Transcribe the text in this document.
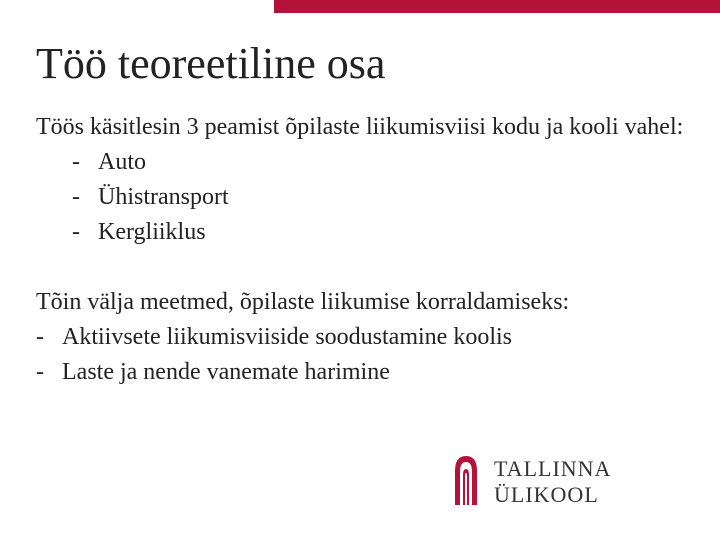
Töö teoreetiline osa

Töös käsitlesin 3 peamist õpilaste liikumisviisi kodu ja kooli vahel:

- Auto
- Ühistransport
- Kergliiklus

Tõin välja meetmed, õpilaste liikumise korraldamiseks:

- Aktiivsete liikumisviiside soodustamine koolis
- Laste ja nende vanemate harimine
TALLINNA ÜLIKOOL
